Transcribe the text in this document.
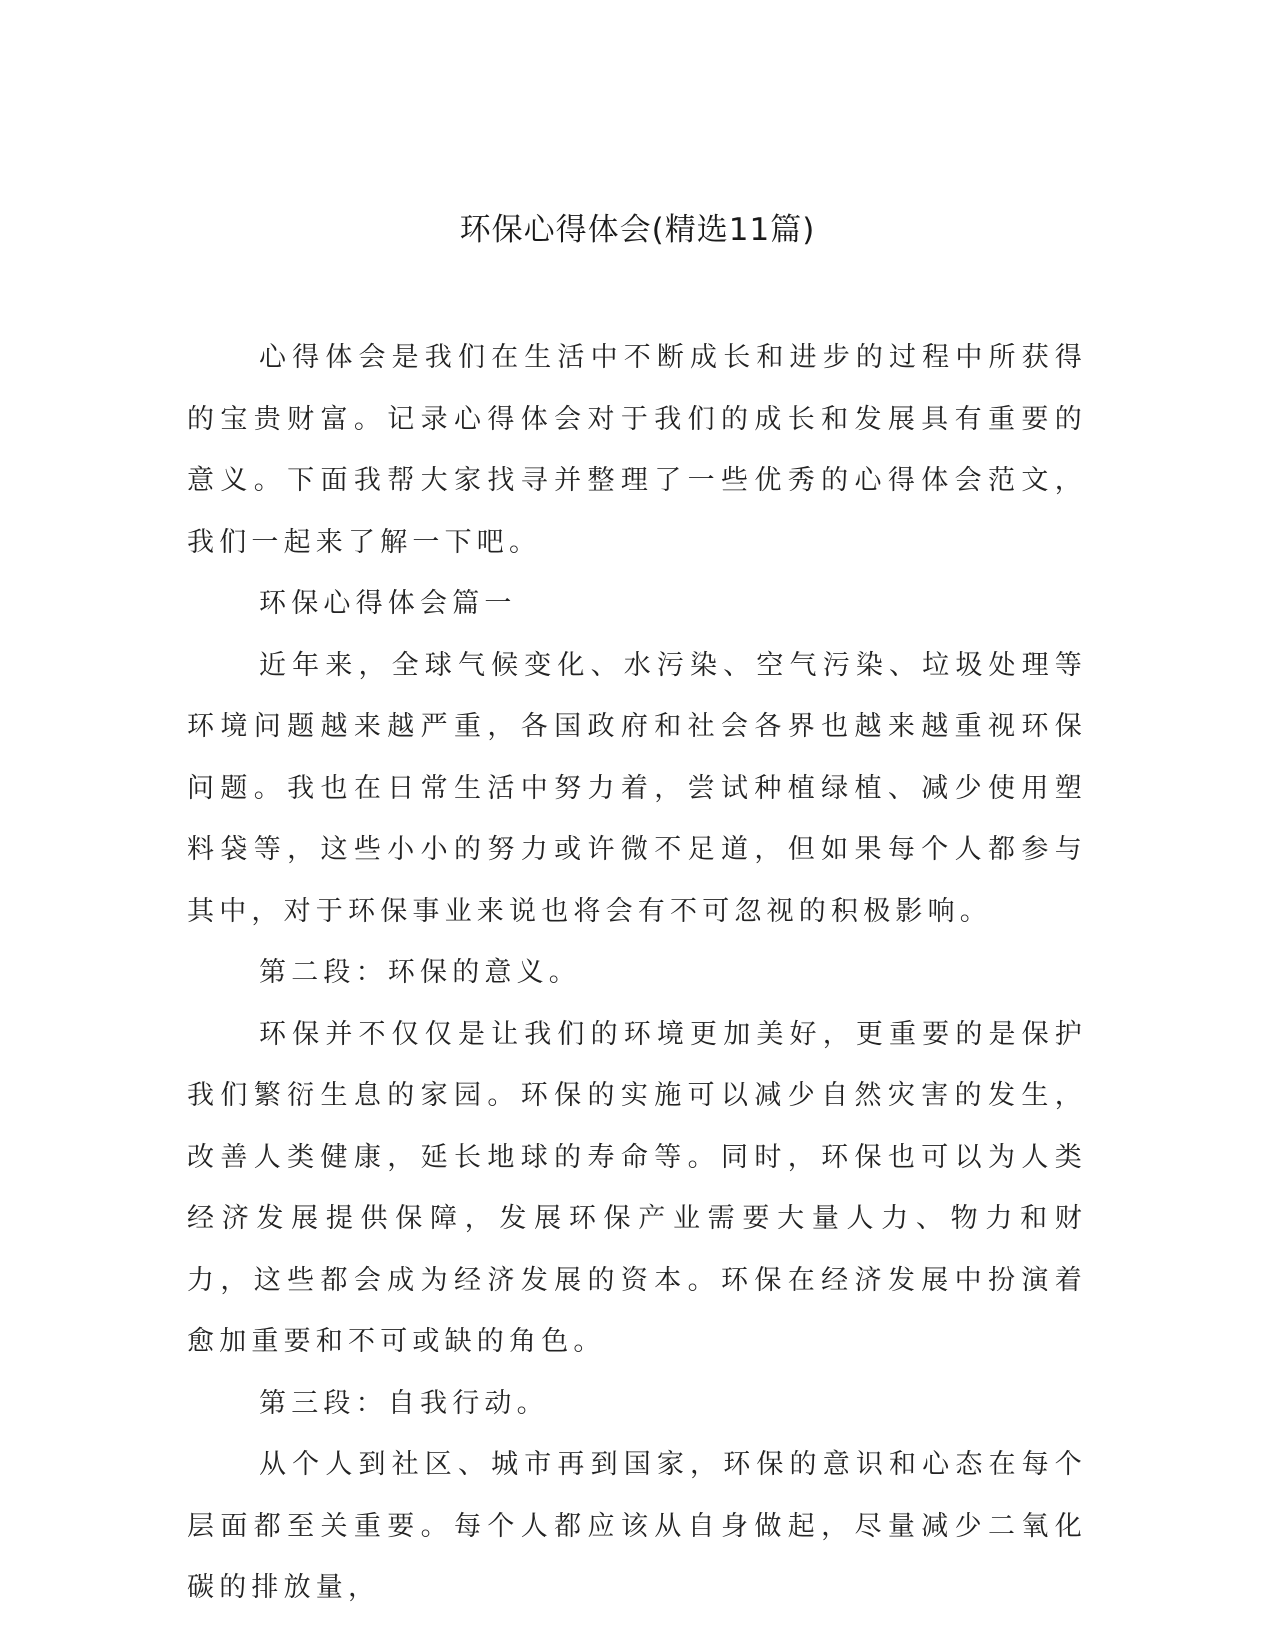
环保心得体会(精选11篇)

心得体会是我们在生活中不断成长和进步的过程中所获得的宝贵财富。记录心得体会对于我们的成长和发展具有重要的意义。下面我帮大家找寻并整理了一些优秀的心得体会范文，我们一起来了解一下吧。

环保心得体会篇一

近年来，全球气候变化、水污染、空气污染、垃圾处理等环境问题越来越严重，各国政府和社会各界也越来越重视环保问题。我也在日常生活中努力着，尝试种植绿植、减少使用塑料袋等，这些小小的努力或许微不足道，但如果每个人都参与其中，对于环保事业来说也将会有不可忽视的积极影响。

第二段：环保的意义。

环保并不仅仅是让我们的环境更加美好，更重要的是保护我们繁衍生息的家园。环保的实施可以减少自然灾害的发生，改善人类健康，延长地球的寿命等。同时，环保也可以为人类经济发展提供保障，发展环保产业需要大量人力、物力和财力，这些都会成为经济发展的资本。环保在经济发展中扮演着愈加重要和不可或缺的角色。

第三段：自我行动。

从个人到社区、城市再到国家，环保的意识和心态在每个层面都至关重要。每个人都应该从自身做起，尽量减少二氧化碳的排放量，
